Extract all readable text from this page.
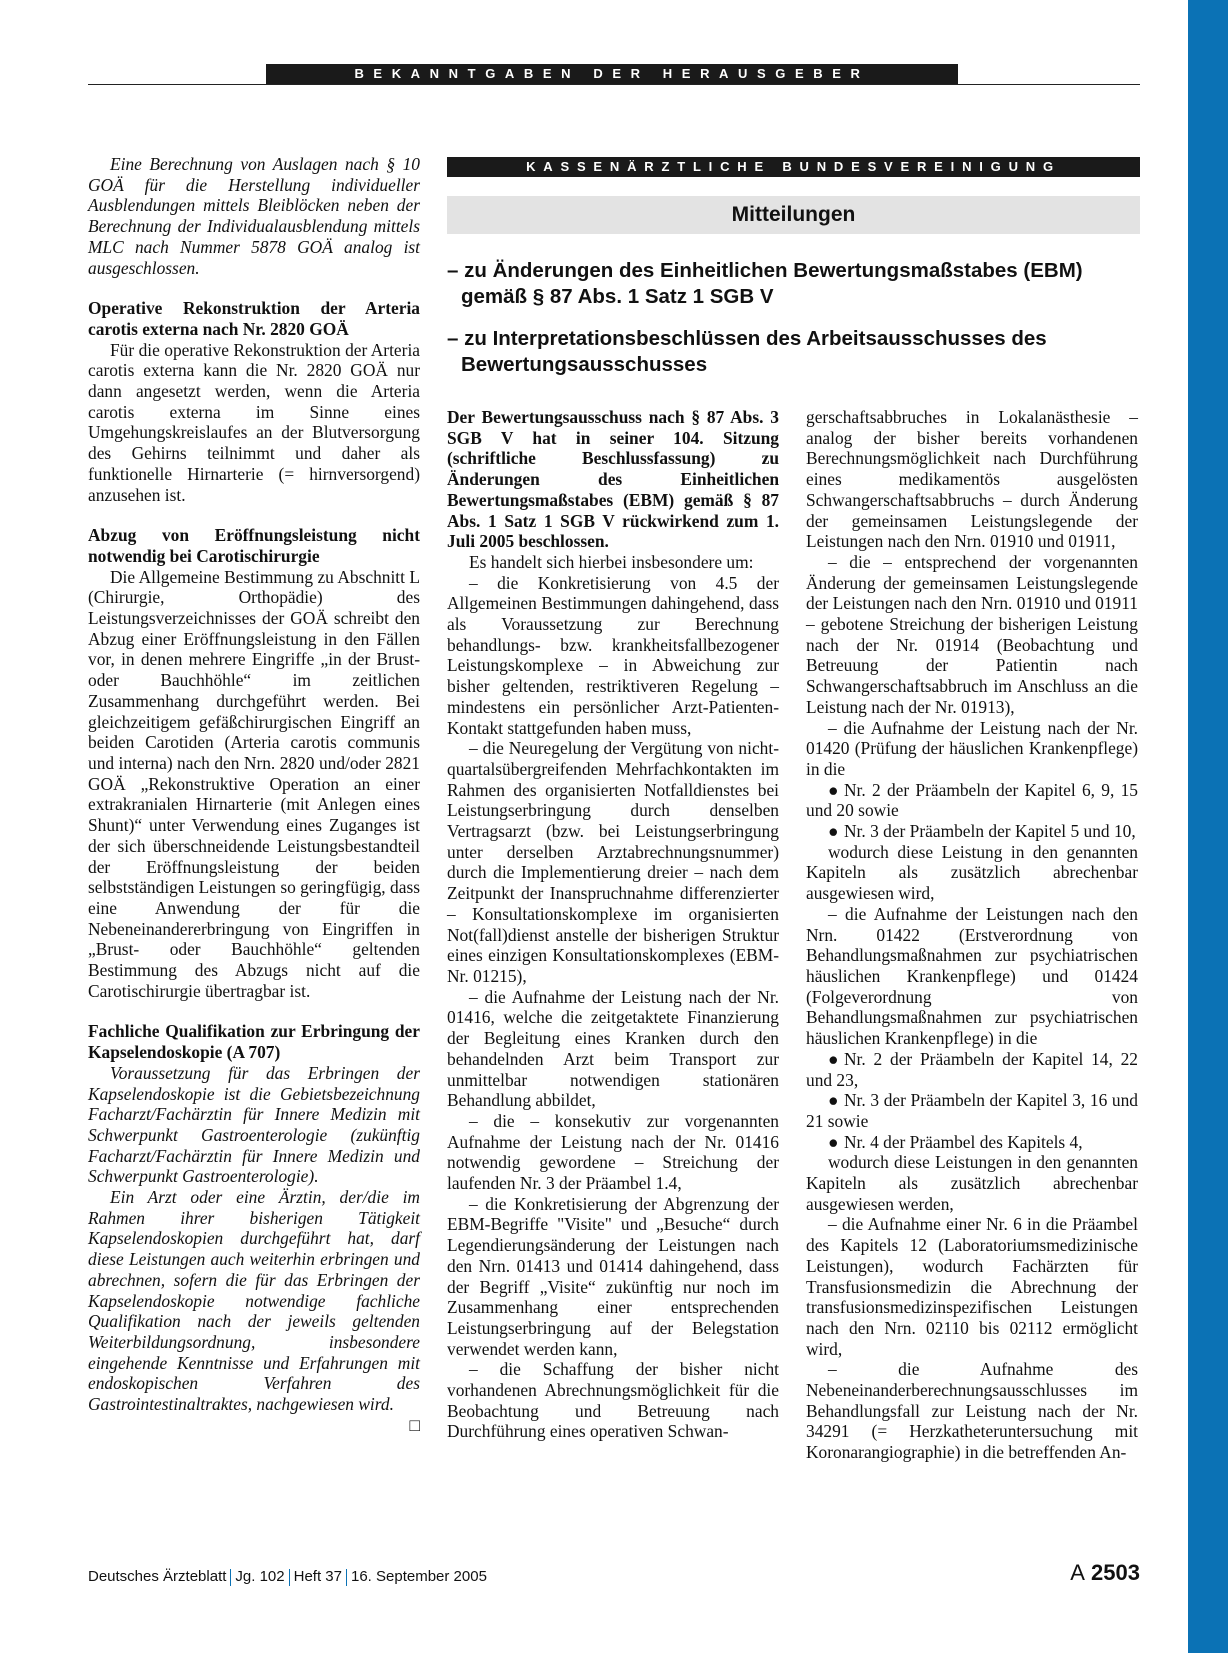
BEKANNTGABEN DER HERAUSGEBER

Eine Berechnung von Auslagen nach § 10 GOÄ für die Herstellung individueller Ausblendungen mittels Bleiblöcken neben der Berechnung der Individualausblendung mittels MLC nach Nummer 5878 GOÄ analog ist ausgeschlossen.

Operative Rekonstruktion der Arteria carotis externa nach Nr. 2820 GOÄ

Für die operative Rekonstruktion der Arteria carotis externa kann die Nr. 2820 GOÄ nur dann angesetzt werden, wenn die Arteria carotis externa im Sinne eines Umgehungskreislaufes an der Blutversorgung des Gehirns teilnimmt und daher als funktionelle Hirnarterie (= hirnversorgend) anzusehen ist.

Abzug von Eröffnungsleistung nicht notwendig bei Carotischirurgie

Die Allgemeine Bestimmung zu Abschnitt L (Chirurgie, Orthopädie) des Leistungsverzeichnisses der GOÄ schreibt den Abzug einer Eröffnungsleistung in den Fällen vor, in denen mehrere Eingriffe „in der Brust- oder Bauchhöhle“ im zeitlichen Zusammenhang durchgeführt werden. Bei gleichzeitigem gefäßchirurgischen Eingriff an beiden Carotiden (Arteria carotis communis und interna) nach den Nrn. 2820 und/oder 2821 GOÄ „Rekonstruktive Operation an einer extrakranialen Hirnarterie (mit Anlegen eines Shunt)“ unter Verwendung eines Zuganges ist der sich überschneidende Leistungsbestandteil der Eröffnungsleistung der beiden selbstständigen Leistungen so geringfügig, dass eine Anwendung der für die Nebeneinandererbringung von Eingriffen in „Brust- oder Bauchhöhle“ geltenden Bestimmung des Abzugs nicht auf die Carotischirurgie übertragbar ist.

Fachliche Qualifikation zur Erbringung der Kapselendoskopie (A 707)

Voraussetzung für das Erbringen der Kapselendoskopie ist die Gebietsbezeichnung Facharzt/Fachärztin für Innere Medizin mit Schwerpunkt Gastroenterologie (zukünftig Facharzt/Fachärztin für Innere Medizin und Schwerpunkt Gastroenterologie).

Ein Arzt oder eine Ärztin, der/die im Rahmen ihrer bisherigen Tätigkeit Kapselendoskopien durchgeführt hat, darf diese Leistungen auch weiterhin erbringen und abrechnen, sofern die für das Erbringen der Kapselendoskopie notwendige fachliche Qualifikation nach der jeweils geltenden Weiterbildungsordnung, insbesondere eingehende Kenntnisse und Erfahrungen mit endoskopischen Verfahren des Gastrointestinaltraktes, nachgewiesen wird.
□

KASSENÄRZTLICHE BUNDESVEREINIGUNG
Mitteilungen
– zu Änderungen des Einheitlichen Bewertungsmaßstabes (EBM) gemäß § 87 Abs. 1 Satz 1 SGB V
– zu Interpretationsbeschlüssen des Arbeitsausschusses des Bewertungsausschusses

Der Bewertungsausschuss nach § 87 Abs. 3 SGB V hat in seiner 104. Sitzung (schriftliche Beschlussfassung) zu Änderungen des Einheitlichen Bewertungsmaßstabes (EBM) gemäß § 87 Abs. 1 Satz 1 SGB V rückwirkend zum 1. Juli 2005 beschlossen.

Es handelt sich hierbei insbesondere um:

– die Konkretisierung von 4.5 der Allgemeinen Bestimmungen dahingehend, dass als Voraussetzung zur Berechnung behandlungs- bzw. krankheitsfallbezogener Leistungskomplexe – in Abweichung zur bisher geltenden, restriktiveren Regelung – mindestens ein persönlicher Arzt-Patienten-Kontakt stattgefunden haben muss,

– die Neuregelung der Vergütung von nicht-quartalsübergreifenden Mehrfachkontakten im Rahmen des organisierten Notfalldienstes bei Leistungserbringung durch denselben Vertragsarzt (bzw. bei Leistungserbringung unter derselben Arztabrechnungsnummer) durch die Implementierung dreier – nach dem Zeitpunkt der Inanspruchnahme differenzierter – Konsultationskomplexe im organisierten Not(fall)dienst anstelle der bisherigen Struktur eines einzigen Konsultationskomplexes (EBM-Nr. 01215),

– die Aufnahme der Leistung nach der Nr. 01416, welche die zeitgetaktete Finanzierung der Begleitung eines Kranken durch den behandelnden Arzt beim Transport zur unmittelbar notwendigen stationären Behandlung abbildet,

– die – konsekutiv zur vorgenannten Aufnahme der Leistung nach der Nr. 01416 notwendig gewordene – Streichung der laufenden Nr. 3 der Präambel 1.4,

– die Konkretisierung der Abgrenzung der EBM-Begriffe "Visite" und „Besuche“ durch Legendierungsänderung der Leistungen nach den Nrn. 01413 und 01414 dahingehend, dass der Begriff „Visite“ zukünftig nur noch im Zusammenhang einer entsprechenden Leistungserbringung auf der Belegstation verwendet werden kann,

– die Schaffung der bisher nicht vorhandenen Abrechnungsmöglichkeit für die Beobachtung und Betreuung nach Durchführung eines operativen Schwan-

gerschaftsabbruches in Lokalanästhesie – analog der bisher bereits vorhandenen Berechnungsmöglichkeit nach Durchführung eines medikamentös ausgelösten Schwangerschaftsabbruchs – durch Änderung der gemeinsamen Leistungslegende der Leistungen nach den Nrn. 01910 und 01911,

– die – entsprechend der vorgenannten Änderung der gemeinsamen Leistungslegende der Leistungen nach den Nrn. 01910 und 01911 – gebotene Streichung der bisherigen Leistung nach der Nr. 01914 (Beobachtung und Betreuung der Patientin nach Schwangerschaftsabbruch im Anschluss an die Leistung nach der Nr. 01913),

– die Aufnahme der Leistung nach der Nr. 01420 (Prüfung der häuslichen Krankenpflege) in die

● Nr. 2 der Präambeln der Kapitel 6, 9, 15 und 20 sowie

● Nr. 3 der Präambeln der Kapitel 5 und 10,

wodurch diese Leistung in den genannten Kapiteln als zusätzlich abrechenbar ausgewiesen wird,

– die Aufnahme der Leistungen nach den Nrn. 01422 (Erstverordnung von Behandlungsmaßnahmen zur psychiatrischen häuslichen Krankenpflege) und 01424 (Folgeverordnung von Behandlungsmaßnahmen zur psychiatrischen häuslichen Krankenpflege) in die

● Nr. 2 der Präambeln der Kapitel 14, 22 und 23,

● Nr. 3 der Präambeln der Kapitel 3, 16 und 21 sowie

● Nr. 4 der Präambel des Kapitels 4,

wodurch diese Leistungen in den genannten Kapiteln als zusätzlich abrechenbar ausgewiesen werden,

– die Aufnahme einer Nr. 6 in die Präambel des Kapitels 12 (Laboratoriumsmedizinische Leistungen), wodurch Fachärzten für Transfusionsmedizin die Abrechnung der transfusionsmedizinspezifischen Leistungen nach den Nrn. 02110 bis 02112 ermöglicht wird,

– die Aufnahme des Nebeneinanderberechnungsausschlusses im Behandlungsfall zur Leistung nach der Nr. 34291 (= Herzkatheteruntersuchung mit Koronarangiographie) in die betreffenden An-

Deutsches Ärzteblatt Jg. 102 Heft 37 16. September 2005	A 2503
